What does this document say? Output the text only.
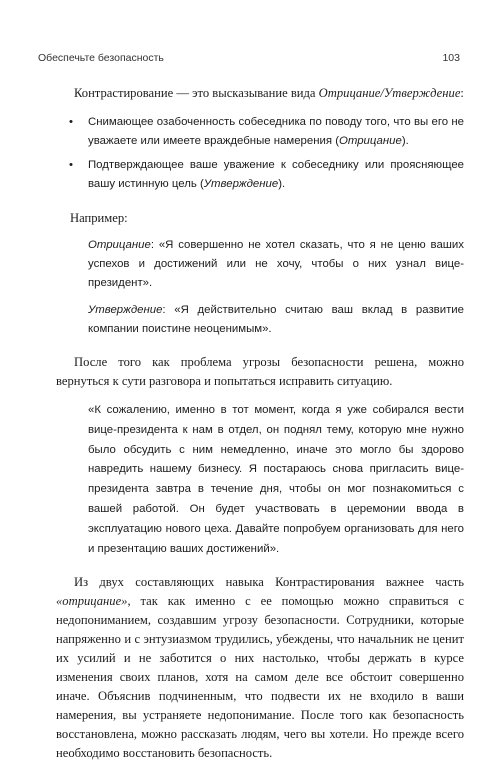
Обеспечьте безопасность	103

Контрастирование — это высказывание вида Отрицание/Утверждение:

• Снимающее озабоченность собеседника по поводу того, что вы его не уважаете или имеете враждебные намерения (Отрицание).
• Подтверждающее ваше уважение к собеседнику или проясняющее вашу истинную цель (Утверждение).

Например:

Отрицание: «Я совершенно не хотел сказать, что я не ценю ваших успехов и достижений или не хочу, чтобы о них узнал вице-президент».

Утверждение: «Я действительно считаю ваш вклад в развитие компании поистине неоценимым».

После того как проблема угрозы безопасности решена, можно вернуться к сути разговора и попытаться исправить ситуацию.

«К сожалению, именно в тот момент, когда я уже собирался вести вице-президента к нам в отдел, он поднял тему, которую мне нужно было обсудить с ним немедленно, иначе это могло бы здорово навредить нашему бизнесу. Я постараюсь снова пригласить вице-президента завтра в течение дня, чтобы он мог познакомиться с вашей работой. Он будет участвовать в церемонии ввода в эксплуатацию нового цеха. Давайте попробуем организовать для него и презентацию ваших достижений».

Из двух составляющих навыка Контрастирования важнее часть «отрицание», так как именно с ее помощью можно справиться с недопониманием, создавшим угрозу безопасности. Сотрудники, которые напряженно и с энтузиазмом трудились, убеждены, что начальник не ценит их усилий и не заботится о них настолько, чтобы держать в курсе изменения своих планов, хотя на самом деле все обстоит совершенно иначе. Объяснив подчиненным, что подвести их не входило в ваши намерения, вы устраняете недопонимание. После того как безопасность восстановлена, можно рассказать людям, чего вы хотели. Но прежде всего необходимо восстановить безопасность.
